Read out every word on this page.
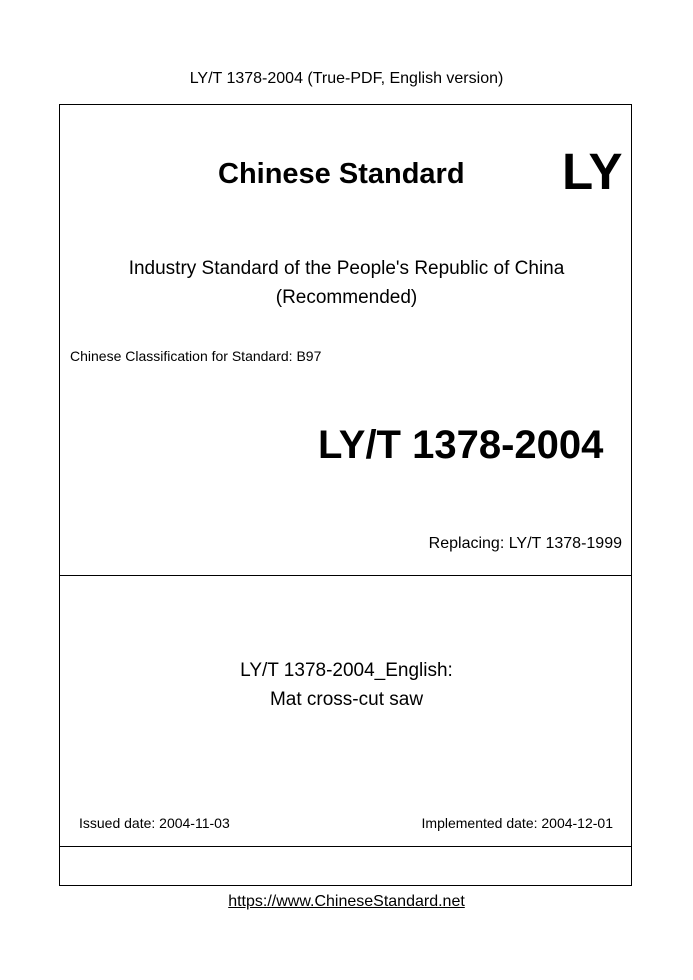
LY/T 1378-2004 (True-PDF, English version)
Chinese Standard LY
Industry Standard of the People's Republic of China
(Recommended)
Chinese Classification for Standard: B97
LY/T 1378-2004
Replacing: LY/T 1378-1999
LY/T 1378-2004_English:
Mat cross-cut saw
Issued date: 2004-11-03	Implemented date: 2004-12-01
https://www.ChineseStandard.net
